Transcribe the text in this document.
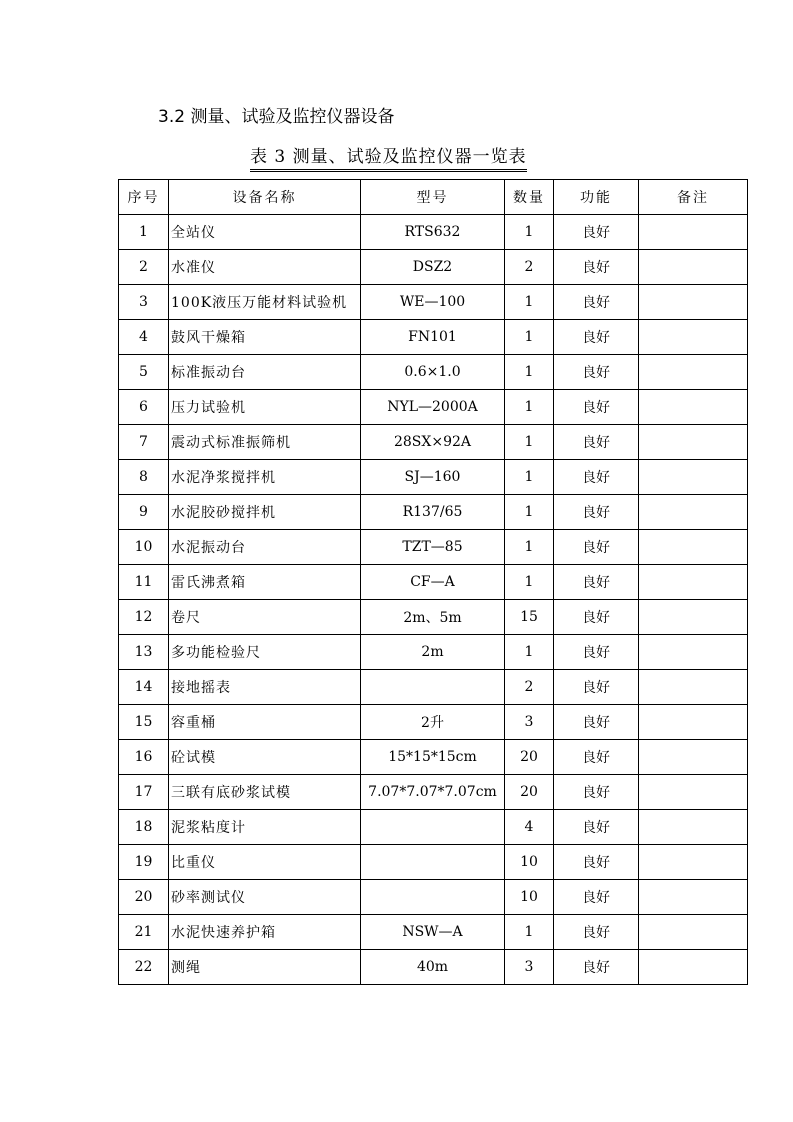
3.2 测量、试验及监控仪器设备
表 3 测量、试验及监控仪器一览表
序号	设备名称	型号	数量	功能	备注
1	全站仪	RTS632	1	良好	
2	水准仪	DSZ2	2	良好	
3	100K液压万能材料试验机	WE—100	1	良好	
4	鼓风干燥箱	FN101	1	良好	
5	标准振动台	0.6×1.0	1	良好	
6	压力试验机	NYL—2000A	1	良好	
7	震动式标准振筛机	28SX×92A	1	良好	
8	水泥净浆搅拌机	SJ—160	1	良好	
9	水泥胶砂搅拌机	R137/65	1	良好	
10	水泥振动台	TZT—85	1	良好	
11	雷氏沸煮箱	CF—A	1	良好	
12	卷尺	2m、5m	15	良好	
13	多功能检验尺	2m	1	良好	
14	接地摇表		2	良好	
15	容重桶	2升	3	良好	
16	砼试模	15*15*15cm	20	良好	
17	三联有底砂浆试模	7.07*7.07*7.07cm	20	良好	
18	泥浆粘度计		4	良好	
19	比重仪		10	良好	
20	砂率测试仪		10	良好	
21	水泥快速养护箱	NSW—A	1	良好	
22	测绳	40m	3	良好	
